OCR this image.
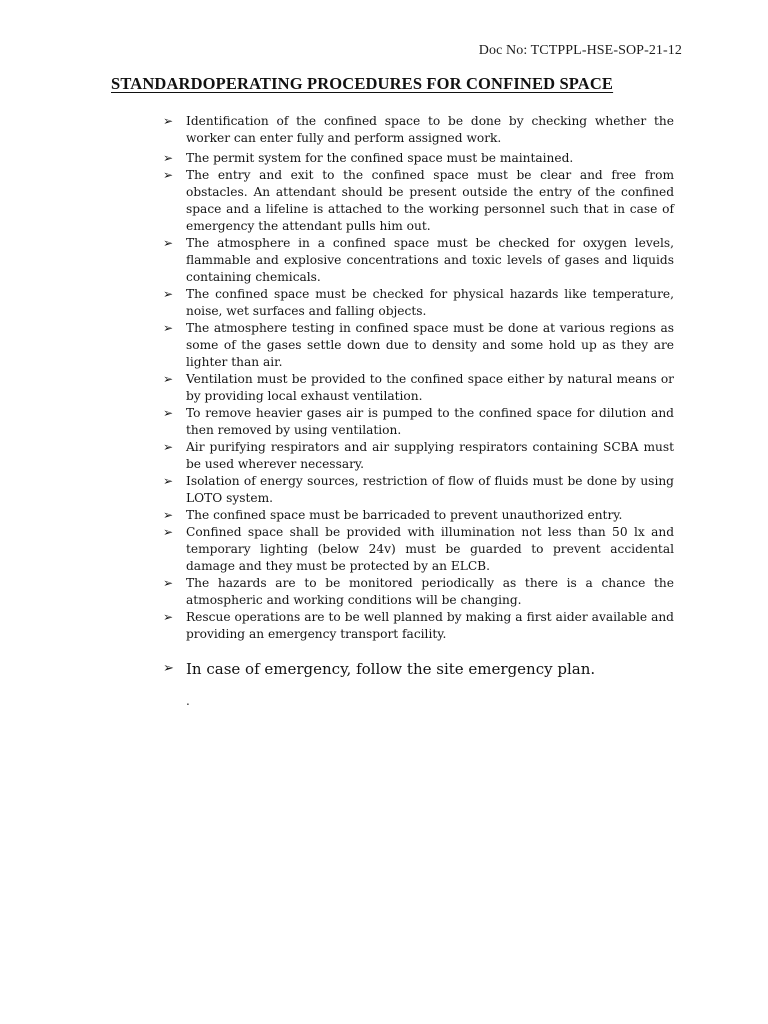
Doc No: TCTPPL-HSE-SOP-21-12
STANDARDOPERATING PROCEDURES FOR CONFINED SPACE
➢ Identification of the confined space to be done by checking whether the worker can enter fully and perform assigned work.
➢ The permit system for the confined space must be maintained.
➢ The entry and exit to the confined space must be clear and free from obstacles. An attendant should be present outside the entry of the confined space and a lifeline is attached to the working personnel such that in case of emergency the attendant pulls him out.
➢ The atmosphere in a confined space must be checked for oxygen levels, flammable and explosive concentrations and toxic levels of gases and liquids containing chemicals.
➢ The confined space must be checked for physical hazards like temperature, noise, wet surfaces and falling objects.
➢ The atmosphere testing in confined space must be done at various regions as some of the gases settle down due to density and some hold up as they are lighter than air.
➢ Ventilation must be provided to the confined space either by natural means or by providing local exhaust ventilation.
➢ To remove heavier gases air is pumped to the confined space for dilution and then removed by using ventilation.
➢ Air purifying respirators and air supplying respirators containing SCBA must be used wherever necessary.
➢ Isolation of energy sources, restriction of flow of fluids must be done by using LOTO system.
➢ The confined space must be barricaded to prevent unauthorized entry.
➢ Confined space shall be provided with illumination not less than 50 lx and temporary lighting (below 24v) must be guarded to prevent accidental damage and they must be protected by an ELCB.
➢ The hazards are to be monitored periodically as there is a chance the atmospheric and working conditions will be changing.
➢ Rescue operations are to be well planned by making a first aider available and providing an emergency transport facility.
➢ In case of emergency, follow the site emergency plan.
.
